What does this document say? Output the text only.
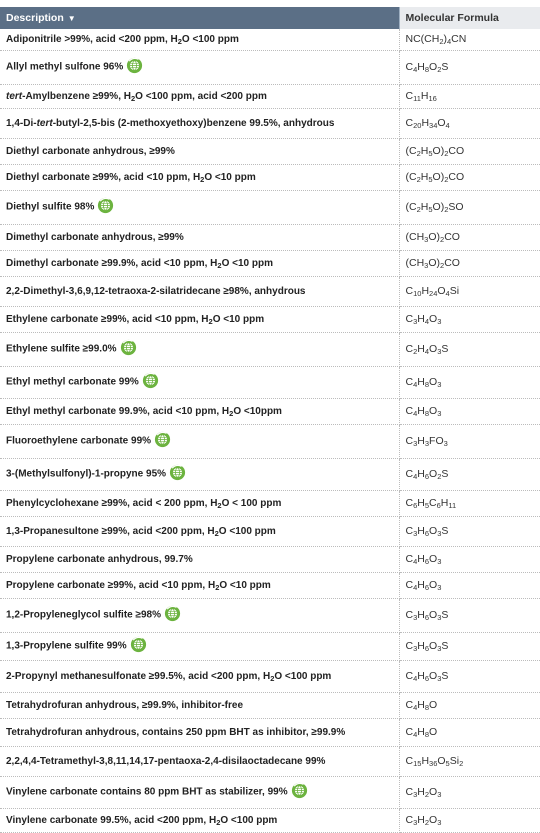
Description ▼	Molecular Formula
Adiponitrile >99%, acid <200 ppm, $H_2O <100$ ppm	$NC(CH_2)_4CN$
Allyl methyl sulfone 96%	$C_4H_8O_2S$
tert-Amylbenzene ≥99%, $H_2O <100$ ppm, acid <200 ppm	$C_{11}H_{16}$
1,4-Di-tert-butyl-2,5-bis (2-methoxyethoxy)benzene 99.5%, anhydrous	$C_{20}H_{34}O_4$
Diethyl carbonate anhydrous, ≥99%	$(C_2H_5O)_2CO$
Diethyl carbonate ≥99%, acid <10 ppm, $H_2O <10$ ppm	$(C_2H_5O)_2CO$
Diethyl sulfite 98%	$(C_2H_5O)_2SO$
Dimethyl carbonate anhydrous, ≥99%	$(CH_3O)_2CO$
Dimethyl carbonate ≥99.9%, acid <10 ppm, $H_2O <10$ ppm	$(CH_3O)_2CO$
2,2-Dimethyl-3,6,9,12-tetraoxa-2-silatridecane ≥98%, anhydrous	$C_{10}H_{24}O_4Si$
Ethylene carbonate ≥99%, acid <10 ppm, $H_2O <10$ ppm	$C_3H_4O_3$
Ethylene sulfite ≥99.0%	$C_2H_4O_3S$
Ethyl methyl carbonate 99%	$C_4H_8O_3$
Ethyl methyl carbonate 99.9%, acid <10 ppm, $H_2O <10ppm$	$C_4H_8O_3$
Fluoroethylene carbonate 99%	$C_3H_3FO_3$
3-(Methylsulfonyl)-1-propyne 95%	$C_4H_6O_2S$
Phenylcyclohexane ≥99%, acid < 200 ppm, $H_2O < 100$ ppm	$C_6H_5C_6H_{11}$
1,3-Propanesultone ≥99%, acid <200 ppm, $H_2O <100$ ppm	$C_3H_6O_3S$
Propylene carbonate anhydrous, 99.7%	$C_4H_6O_3$
Propylene carbonate ≥99%, acid <10 ppm, $H_2O <10$ ppm	$C_4H_6O_3$
1,2-Propyleneglycol sulfite ≥98%	$C_3H_6O_3S$
1,3-Propylene sulfite 99%	$C_3H_6O_3S$
2-Propynyl methanesulfonate ≥99.5%, acid <200 ppm, $H_2O <100$ ppm	$C_4H_6O_3S$
Tetrahydrofuran anhydrous, ≥99.9%, inhibitor-free	$C_4H_8O$
Tetrahydrofuran anhydrous, contains 250 ppm BHT as inhibitor, ≥99.9%	$C_4H_8O$
2,2,4,4-Tetramethyl-3,8,11,14,17-pentaoxa-2,4-disilaoctadecane 99%	$C_{15}H_{36}O_5Si_2$
Vinylene carbonate contains 80 ppm BHT as stabilizer, 99%	$C_3H_2O_3$
Vinylene carbonate 99.5%, acid <200 ppm, $H_2O <100$ ppm	$C_3H_2O_3$
